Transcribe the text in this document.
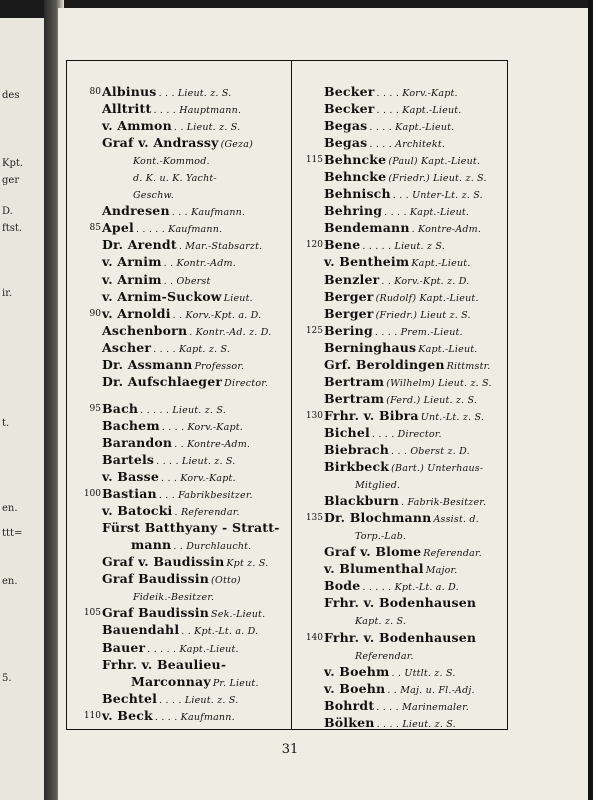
des
Kpt.
ger
D.
ftst.
ir.
t.
en.
ttt=
en.
5.
80 Albinus . . . Lieut. z. S.
Alltritt . . . . Hauptmann.
v. Ammon . . Lieut. z. S.
Graf v. Andrassy (Geza)
Kont.-Kommod.
d. K. u. K. Yacht-
Geschw.
Andresen . . . Kaufmann.
85 Apel . . . . . Kaufmann.
Dr. Arendt . Mar.-Stabsarzt.
v. Arnim . . Kontr.-Adm.
v. Arnim . . Oberst
v. Arnim-Suckow Lieut.
90 v. Arnoldi . . Korv.-Kpt. a. D.
Aschenborn . Kontr.-Ad. z. D.
Ascher . . . . Kapt. z. S.
Dr. Assmann Professor.
Dr. Aufschlaeger Director.
95 Bach . . . . . Lieut. z. S.
Bachem . . . . Korv.-Kapt.
Barandon . . Kontre-Adm.
Bartels . . . . Lieut. z. S.
v. Basse . . . Korv.-Kapt.
100 Bastian . . . Fabrikbesitzer.
v. Batocki . Referendar.
Fürst Batthyany - Stratt-
mann . . Durchlaucht.
Graf v. Baudissin Kpt z. S.
Graf Baudissin (Otto)
Fideik.-Besitzer.
105 Graf Baudissin Sek.-Lieut.
Bauendahl . . Kpt.-Lt. a. D.
Bauer . . . . . Kapt.-Lieut.
Frhr. v. Beaulieu-
Marconnay Pr. Lieut.
Bechtel . . . . Lieut. z. S.
110 v. Beck . . . . Kaufmann.
Becker . . . . Korv.-Kapt.
Becker . . . . Kapt.-Lieut.
Begas . . . . Kapt.-Lieut.
Begas . . . . Architekt.
115 Behncke (Paul) Kapt.-Lieut.
Behncke (Friedr.) Lieut. z. S.
Behnisch . . . Unter-Lt. z. S.
Behring . . . . Kapt.-Lieut.
Bendemann . Kontre-Adm.
120 Bene . . . . . Lieut. z S.
v. Bentheim Kapt.-Lieut.
Benzler . . Korv.-Kpt. z. D.
Berger (Rudolf) Kapt.-Lieut.
Berger (Friedr.) Lieut z. S.
125 Bering . . . . Prem.-Lieut.
Berninghaus Kapt.-Lieut.
Grf. Beroldingen Rittmstr.
Bertram (Wilhelm) Lieut. z. S.
Bertram (Ferd.) Lieut. z. S.
130 Frhr. v. Bibra Unt.-Lt. z. S.
Bichel . . . . Director.
Biebrach . . . Oberst z. D.
Birkbeck (Bart.) Unterhaus-
Mitglied.
Blackburn . Fabrik-Besitzer.
135 Dr. Blochmann Assist. d.
Torp.-Lab.
Graf v. Blome Referendar.
v. Blumenthal Major.
Bode . . . . . Kpt.-Lt. a. D.
Frhr. v. Bodenhausen
Kapt. z. S.
140 Frhr. v. Bodenhausen
Referendar.
v. Boehm . . Uttlt. z. S.
v. Boehn . . Maj. u. Fl.-Adj.
Bohrdt . . . . Marinemaler.
Bölken . . . . Lieut. z. S.
31
